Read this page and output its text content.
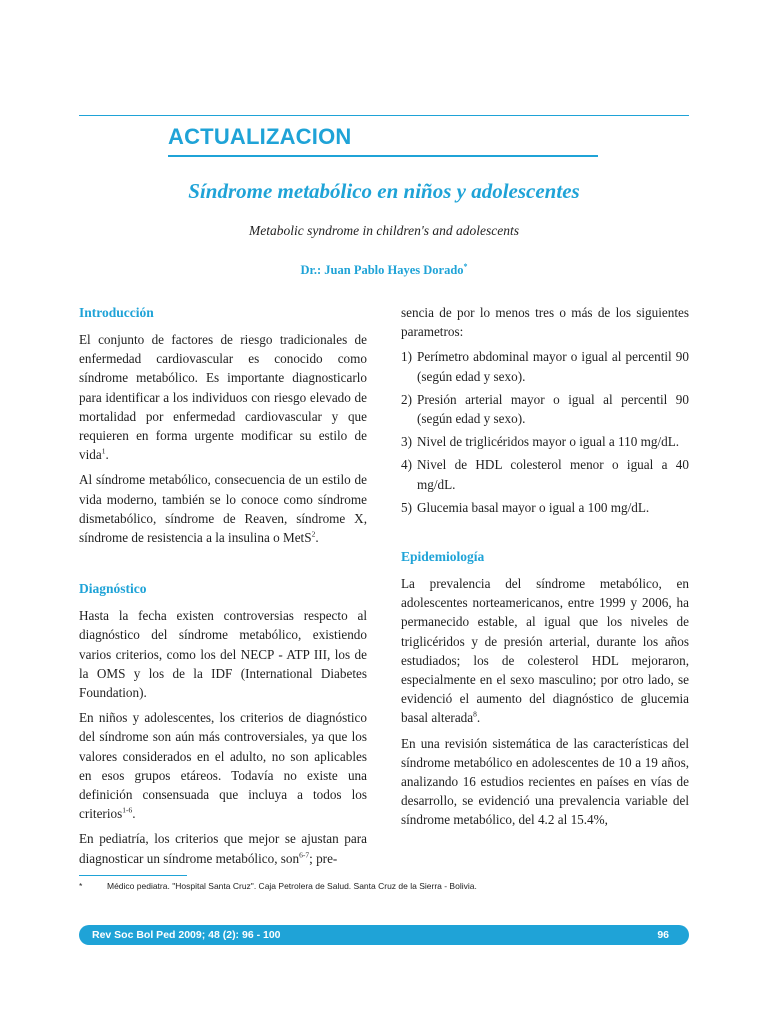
ACTUALIZACION
Síndrome metabólico en niños y adolescentes
Metabolic syndrome in children's and adolescents
Dr.: Juan Pablo Hayes Dorado*
Introducción

El conjunto de factores de riesgo tradicionales de enfermedad cardiovascular es conocido como síndrome metabólico. Es importante diagnosticarlo para identificar a los individuos con riesgo elevado de mortalidad por enfermedad cardiovascular y que requieren en forma urgente modificar su estilo de vida$^1$.

Al síndrome metabólico, consecuencia de un estilo de vida moderno, también se lo conoce como síndrome dismetabólico, síndrome de Reaven, síndrome X, síndrome de resistencia a la insulina o MetS$^2$.

Diagnóstico

Hasta la fecha existen controversias respecto al diagnóstico del síndrome metabólico, existiendo varios criterios, como los del NECP - ATP III, los de la OMS y los de la IDF (International Diabetes Foundation).

En niños y adolescentes, los criterios de diagnóstico del síndrome son aún más controversiales, ya que los valores considerados en el adulto, no son aplicables en esos grupos etáreos. Todavía no existe una definición consensuada que incluya a todos los criterios$^{1-6}$.

En pediatría, los criterios que mejor se ajustan para diagnosticar un síndrome metabólico, son$^{6-7}$; pre-

sencia de por lo menos tres o más de los siguientes parametros:

1) Perímetro abdominal mayor o igual al percentil 90 (según edad y sexo).
2) Presión arterial mayor o igual al percentil 90 (según edad y sexo).
3) Nivel de triglicéridos mayor o igual a 110 mg/dL.
4) Nivel de HDL colesterol menor o igual a 40 mg/dL.
5) Glucemia basal mayor o igual a 100 mg/dL.
Epidemiología

La prevalencia del síndrome metabólico, en adolescentes norteamericanos, entre 1999 y 2006, ha permanecido estable, al igual que los niveles de triglicéridos y de presión arterial, durante los años estudiados; los de colesterol HDL mejoraron, especialmente en el sexo masculino; por otro lado, se evidenció el aumento del diagnóstico de glucemia basal alterada$^8$.

En una revisión sistemática de las características del síndrome metabólico en adolescentes de 10 a 19 años, analizando 16 estudios recientes en países en vías de desarrollo, se evidenció una prevalencia variable del síndrome metabólico, del 4.2 al 15.4%,

*	Médico pediatra. "Hospital Santa Cruz". Caja Petrolera de Salud. Santa Cruz de la Sierra - Bolivia.
Rev Soc Bol Ped 2009; 48 (2): 96 - 100	96
